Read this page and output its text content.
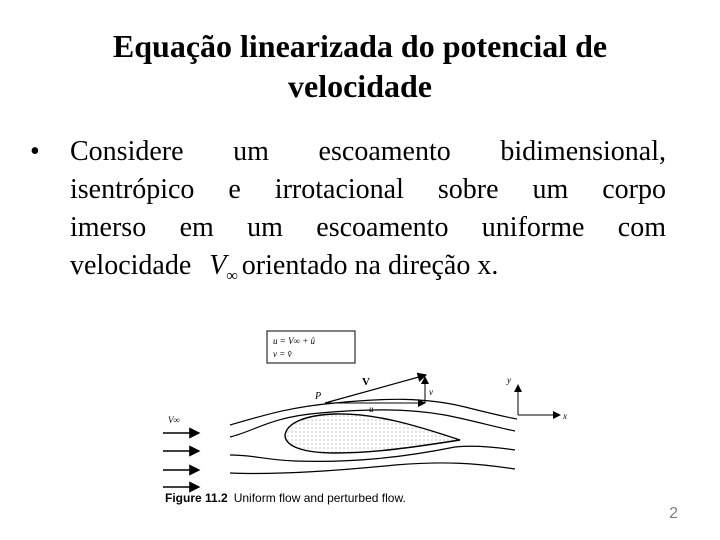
Equação linearizada do potencial de
velocidade
• Considere um escoamento bidimensional,
isentrópico e irrotacional sobre um corpo
imerso em um escoamento uniforme com
velocidade $V_\infty$ orientado na direção x.
u = V∞ + û
v = v̂
P
V
u
v
y
x
V∞
Figure 11.2 Uniform flow and perturbed flow.
2
